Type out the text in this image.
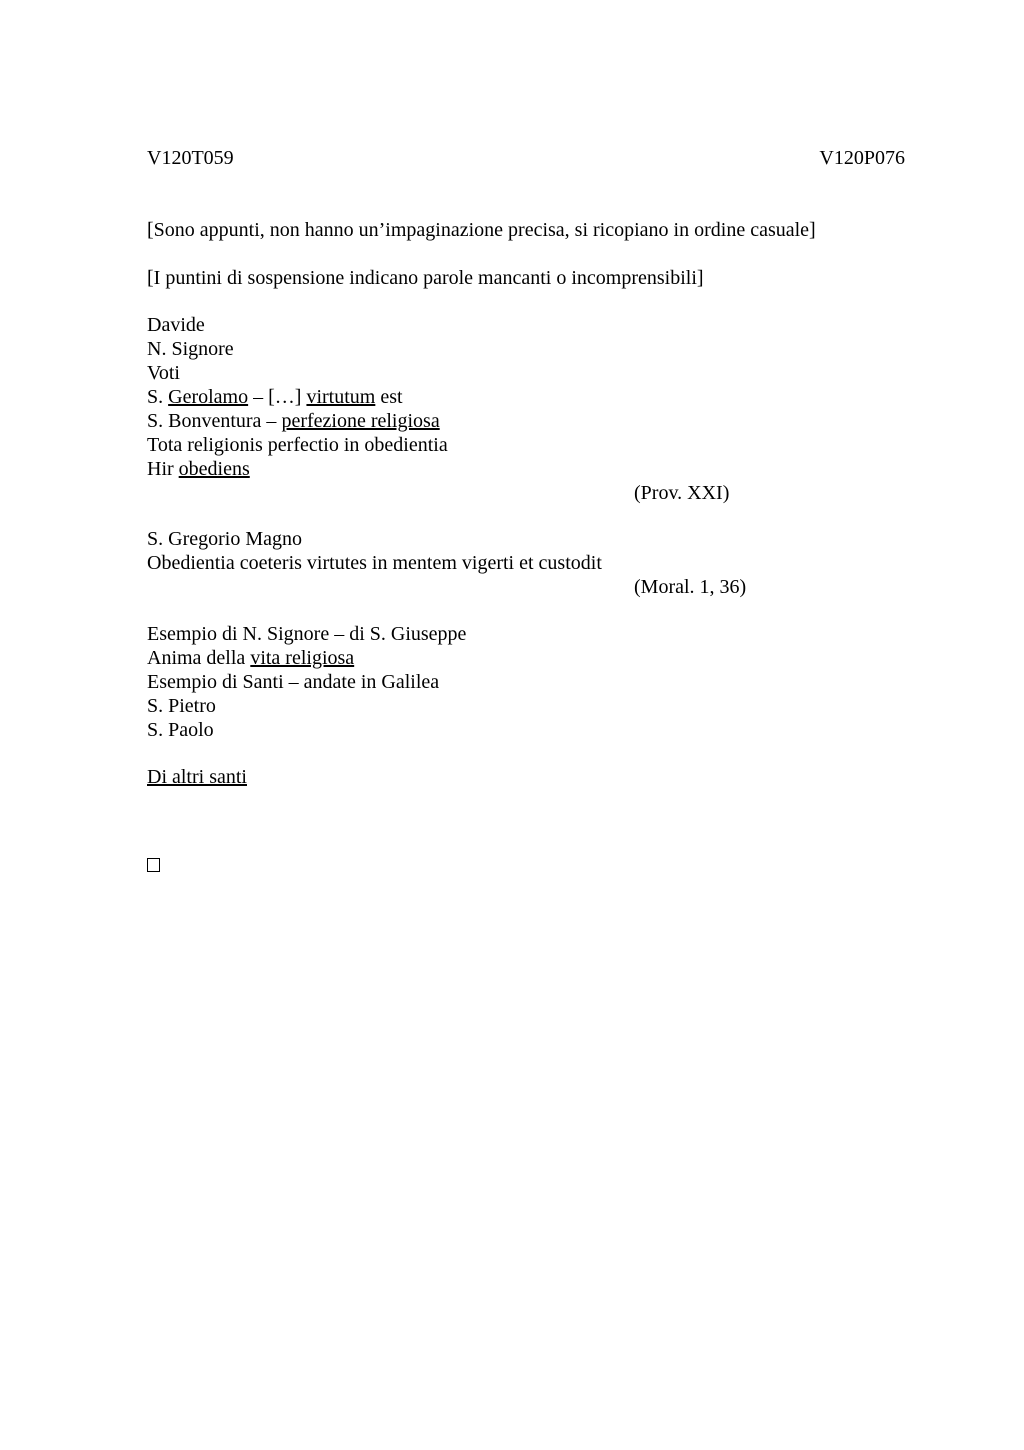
V120T059	V120P076
[Sono appunti, non hanno un’impaginazione precisa, si ricopiano in ordine casuale]
[I puntini di sospensione indicano parole mancanti o incomprensibili]
Davide
N. Signore
Voti
S. Gerolamo – […] virtutum est
S. Bonventura – perfezione religiosa
Tota religionis perfectio in obedientia
Hir obediens
(Prov. XXI)
S. Gregorio Magno
Obedientia coeteris virtutes in mentem vigerti et custodit
(Moral. 1, 36)
Esempio di N. Signore – di S. Giuseppe
Anima della vita religiosa
Esempio di Santi – andate in Galilea
S. Pietro
S. Paolo
Di altri santi
